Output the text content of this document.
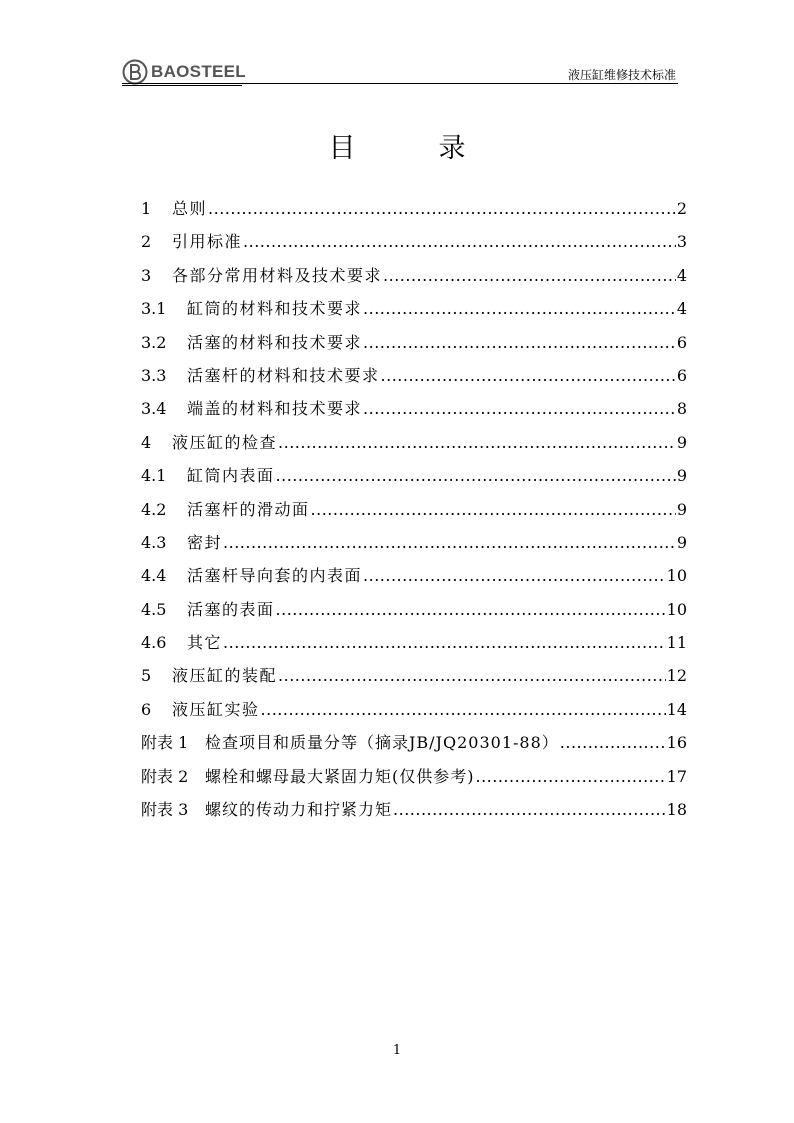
BAOSTEEL	液压缸维修技术标准
目　录
1	总则 .....	2
2	引用标准 .....	3
3	各部分常用材料及技术要求 .....	4
3.1	缸筒的材料和技术要求 .....	4
3.2	活塞的材料和技术要求 .....	6
3.3	活塞杆的材料和技术要求 .....	6
3.4	端盖的材料和技术要求 .....	8
4	液压缸的检查 .....	9
4.1	缸筒内表面 .....	9
4.2	活塞杆的滑动面 .....	9
4.3	密封 .....	9
4.4	活塞杆导向套的内表面 .....	10
4.5	活塞的表面 .....	10
4.6	其它 .....	11
5	液压缸的装配 .....	12
6	液压缸实验 .....	14
附表 1	检查项目和质量分等（摘录JB/JQ20301-88） .....	16
附表 2	螺栓和螺母最大紧固力矩(仅供参考) .....	17
附表 3	螺纹的传动力和拧紧力矩 .....	18
1
